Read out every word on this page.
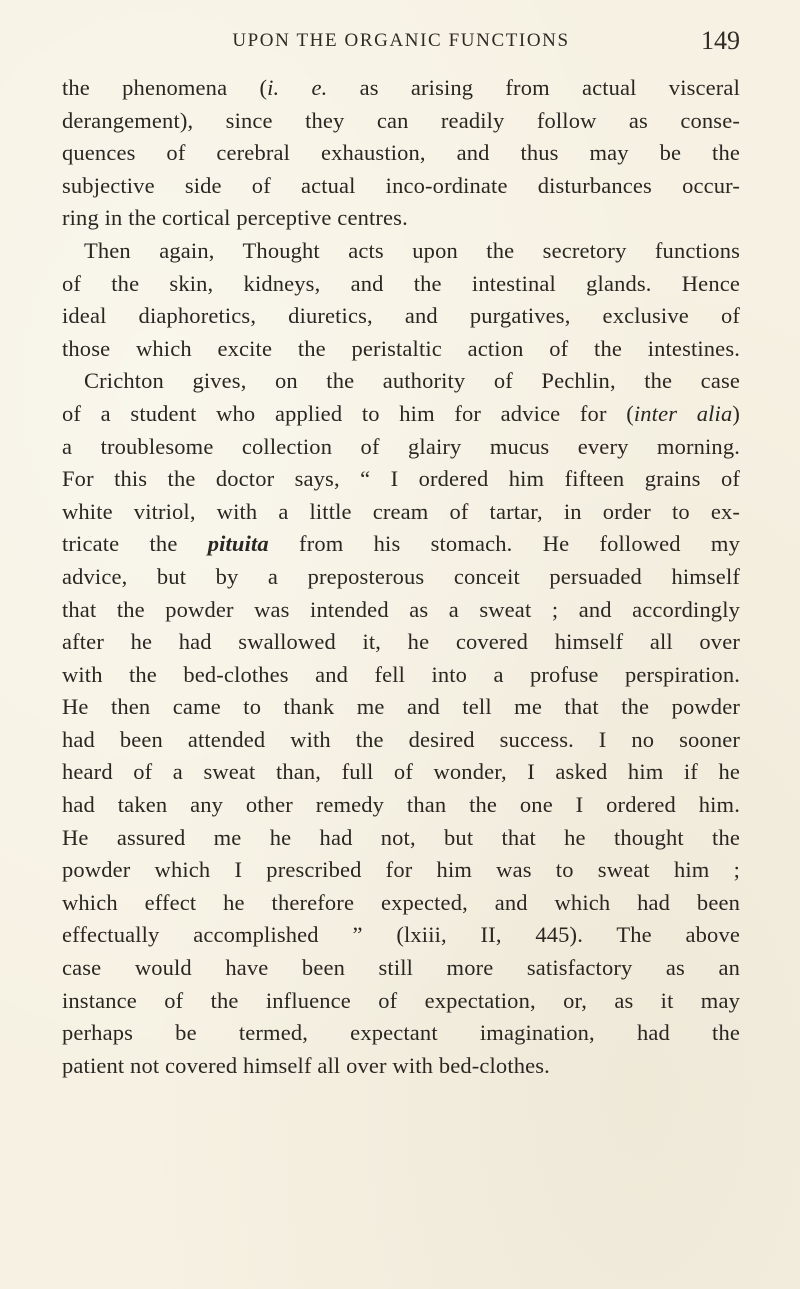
UPON THE ORGANIC FUNCTIONS	149
the phenomena (i. e. as arising from actual visceral
derangement), since they can readily follow as conse-
quences of cerebral exhaustion, and thus may be the
subjective side of actual inco-ordinate disturbances occur-
ring in the cortical perceptive centres.
Then again, Thought acts upon the secretory functions
of the skin, kidneys, and the intestinal glands. Hence
ideal diaphoretics, diuretics, and purgatives, exclusive of
those which excite the peristaltic action of the intestines.
Crichton gives, on the authority of Pechlin, the case
of a student who applied to him for advice for (inter alia)
a troublesome collection of glairy mucus every morning.
For this the doctor says, “ I ordered him fifteen grains of
white vitriol, with a little cream of tartar, in order to ex-
tricate the pituita from his stomach. He followed my
advice, but by a preposterous conceit persuaded himself
that the powder was intended as a sweat ; and accordingly
after he had swallowed it, he covered himself all over
with the bed-clothes and fell into a profuse perspiration.
He then came to thank me and tell me that the powder
had been attended with the desired success. I no sooner
heard of a sweat than, full of wonder, I asked him if he
had taken any other remedy than the one I ordered him.
He assured me he had not, but that he thought the
powder which I prescribed for him was to sweat him ;
which effect he therefore expected, and which had been
effectually accomplished ” (lxiii, II, 445). The above
case would have been still more satisfactory as an
instance of the influence of expectation, or, as it may
perhaps be termed, expectant imagination, had the
patient not covered himself all over with bed-clothes.
